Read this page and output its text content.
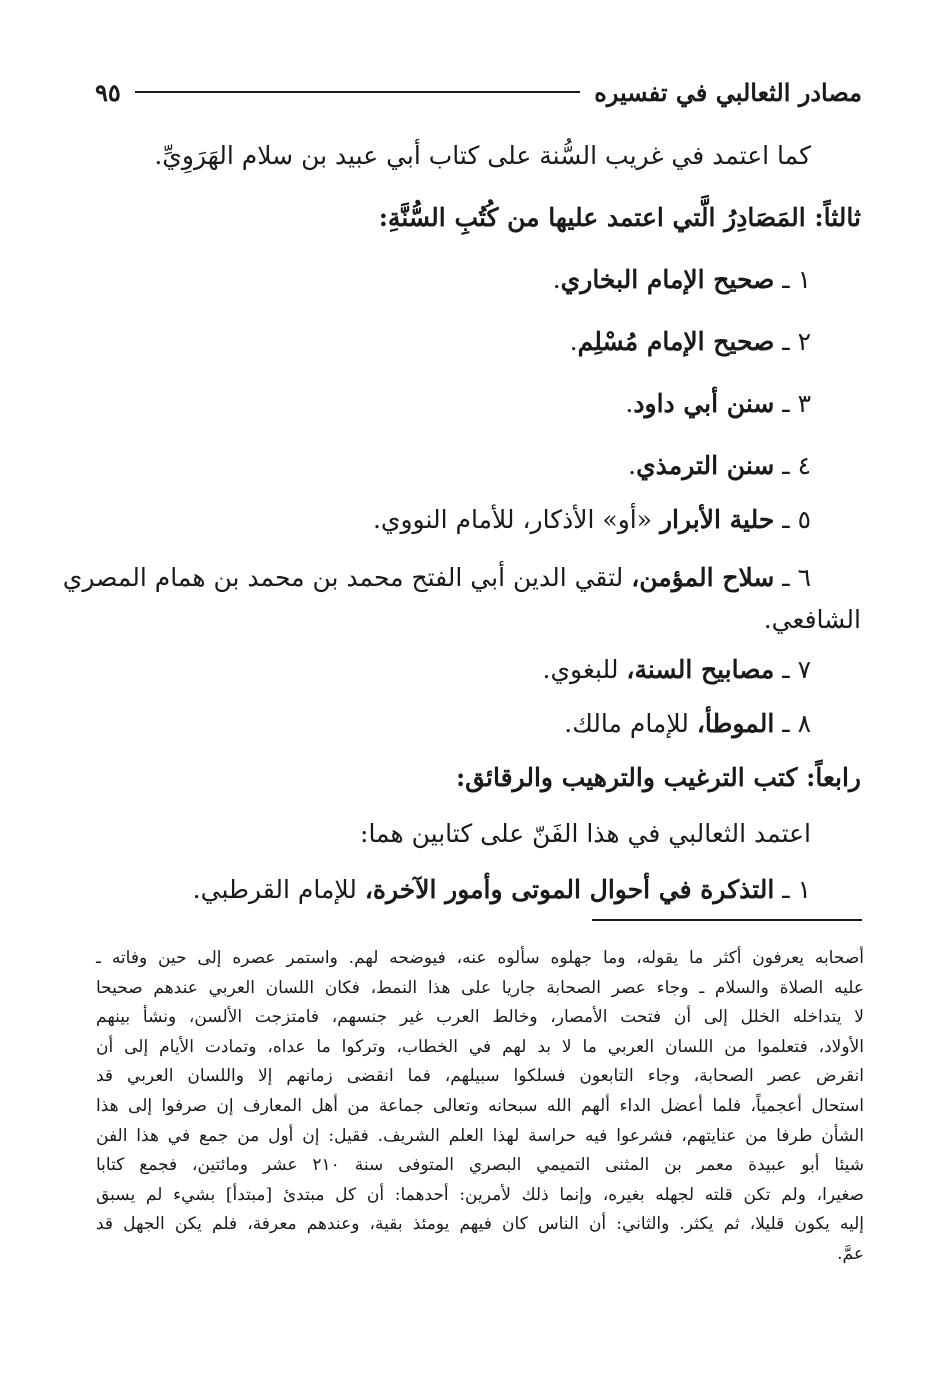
مصادر الثعالبي في تفسيره
٩٥
كما اعتمد في غريب السُّنة على كتاب أبي عبيد بن سلام الهَرَوِيِّ.
ثالثاً: المَصَادِرُ الَّتي اعتمد عليها من كُتُبِ السُّنَّةِ:
١ ـ صحيح الإمام البخاري.
٢ ـ صحيح الإمام مُسْلِم.
٣ ـ سنن أبي داود.
٤ ـ سنن الترمذي.
٥ ـ حلية الأبرار «أو» الأذكار، للأمام النووي.
٦ ـ سلاح المؤمن، لتقي الدين أبي الفتح محمد بن محمد بن همام المصري
الشافعي.
٧ ـ مصابيح السنة، للبغوي.
٨ ـ الموطأ، للإمام مالك.
رابعاً: كتب الترغيب والترهيب والرقائق:
اعتمد الثعالبي في هذا الفَنّ على كتابين هما:
١ ـ التذكرة في أحوال الموتى وأمور الآخرة، للإمام القرطبي.
أصحابه يعرفون أكثر ما يقوله، وما جهلوه سألوه عنه، فيوضحه لهم. واستمر عصره إلى حين وفاته ـ
عليه الصلاة والسلام ـ وجاء عصر الصحابة جاريا على هذا النمط، فكان اللسان العربي عندهم صحيحا
لا يتداخله الخلل إلى أن فتحت الأمصار، وخالط العرب غير جنسهم، فامتزجت الألسن، ونشأ بينهم
الأولاد، فتعلموا من اللسان العربي ما لا بد لهم في الخطاب، وتركوا ما عداه، وتمادت الأيام إلى أن
انقرض عصر الصحابة، وجاء التابعون فسلكوا سبيلهم، فما انقضى زمانهم إلا واللسان العربي قد
استحال أعجمياً، فلما أعضل الداء ألهم الله سبحانه وتعالى جماعة من أهل المعارف إن صرفوا إلى هذا
الشأن طرفا من عنايتهم، فشرعوا فيه حراسة لهذا العلم الشريف. فقيل: إن أول من جمع في هذا الفن
شيئا أبو عبيدة معمر بن المثنى التميمي البصري المتوفى سنة ٢١٠ عشر ومائتين، فجمع كتابا
صغيرا، ولم تكن قلته لجهله بغيره، وإنما ذلك لأمرين: أحدهما: أن كل مبتدئ [مبتدأ] بشيء لم يسبق
إليه يكون قليلا، ثم يكثر. والثاني: أن الناس كان فيهم يومئذ بقية، وعندهم معرفة، فلم يكن الجهل قد
عمَّ.
